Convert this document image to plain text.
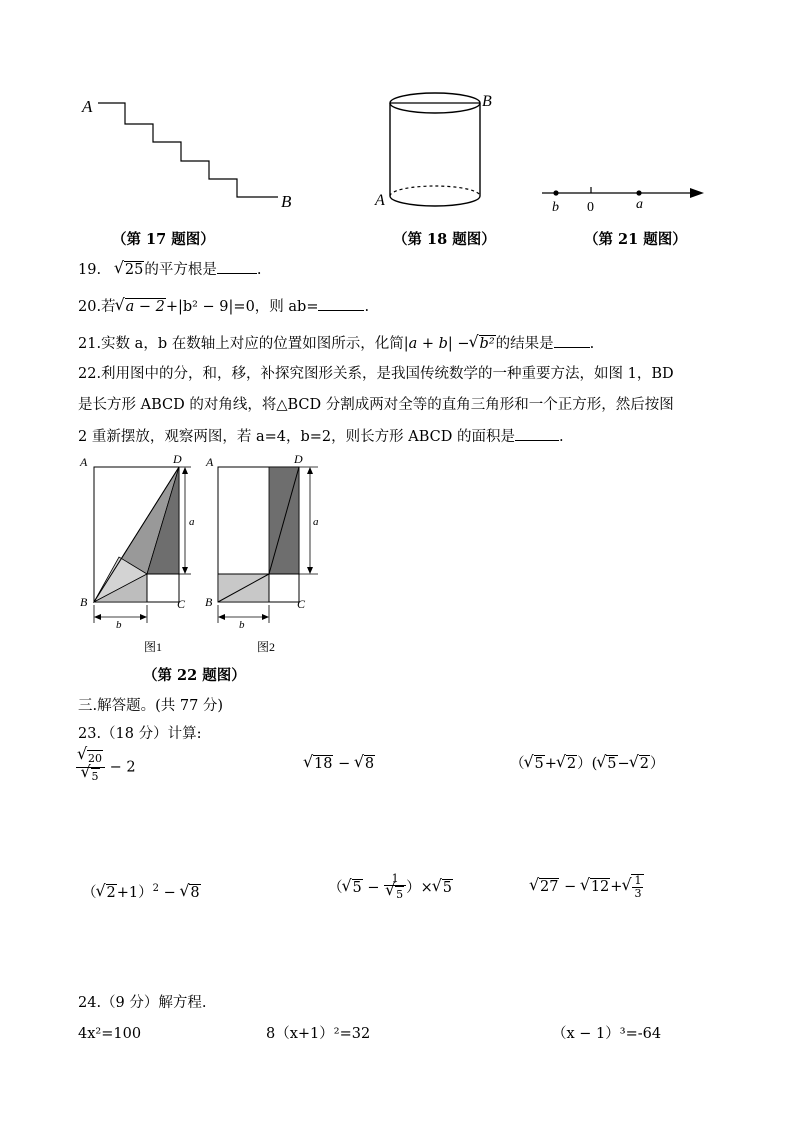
A
B
（第 17 题图）
B
A
（第 18 题图）
b 0	a
（第 21 题图）
19. √ 25的平方根是	.
20.若 √ a − 2+|b² − 9|=0，则 ab=	.
21.实数 a，b 在数轴上对应的位置如图所示，化简|a + b| − √ b²的结果是 .
22.利用图中的分，和，移，补探究图形关系，是我国传统数学的一种重要方法，如图 1，BD
是长方形 ABCD 的对角线，将△BCD 分割成两对全等的直角三角形和一个正方形，然后按图
2 重新摆放，观察两图，若 a=4，b=2，则长方形 ABCD 的面积是	.
A	D
a
B	C
b
图1
A	D
a
B	C
b
图2
（第 22 题图）
三.解答题。(共 77 分)
23.（18 分）计算:
√ 20
√ 5 − 2	√ 18 − √ 8	（ √ 5+ √ 2）( √ 5− √ 2）
（ √ 2+1）$^2$ − √ 8	（ √ 5 − 1
√ 5 ）× √ 5	√ 27 − √ 12+ √ $\frac{1}{3}$
24.（9 分）解方程.
4x²=100	8（x+1）²=32	（x − 1）³=-64
